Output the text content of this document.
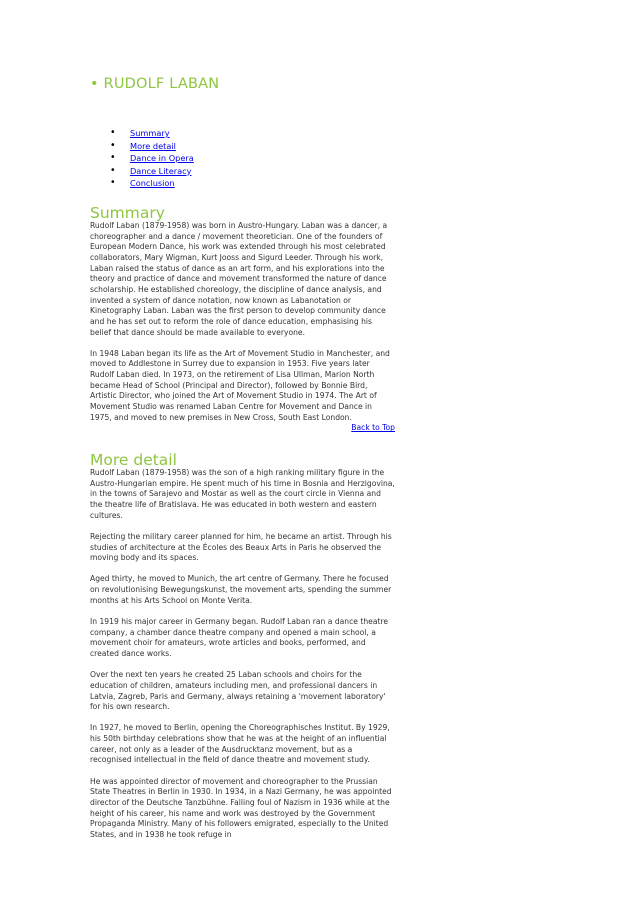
• RUDOLF LABAN
• Summary
• More detail
• Dance in Opera
• Dance Literacy
• Conclusion
Summary

Rudolf Laban (1879-1958) was born in Austro-Hungary. Laban was a dancer, a choreographer and a dance / movement theoretician. One of the founders of European Modern Dance, his work was extended through his most celebrated collaborators, Mary Wigman, Kurt Jooss and Sigurd Leeder. Through his work, Laban raised the status of dance as an art form, and his explorations into the theory and practice of dance and movement transformed the nature of dance scholarship. He established choreology, the discipline of dance analysis, and invented a system of dance notation, now known as Labanotation or Kinetography Laban. Laban was the first person to develop community dance and he has set out to reform the role of dance education, emphasising his belief that dance should be made available to everyone.

In 1948 Laban began its life as the Art of Movement Studio in Manchester, and moved to Addlestone in Surrey due to expansion in 1953. Five years later Rudolf Laban died. In 1973, on the retirement of Lisa Ullman, Marion North became Head of School (Principal and Director), followed by Bonnie Bird, Artistic Director, who joined the Art of Movement Studio in 1974. The Art of Movement Studio was renamed Laban Centre for Movement and Dance in 1975, and moved to new premises in New Cross, South East London.

Back to Top
More detail

Rudolf Laban (1879-1958) was the son of a high ranking military figure in the Austro-Hungarian empire. He spent much of his time in Bosnia and Herzigovina, in the towns of Sarajevo and Mostar as well as the court circle in Vienna and the theatre life of Bratislava. He was educated in both western and eastern cultures.

Rejecting the military career planned for him, he became an artist. Through his studies of architecture at the Écoles des Beaux Arts in Paris he observed the moving body and its spaces.

Aged thirty, he moved to Munich, the art centre of Germany. There he focused on revolutionising Bewegungskunst, the movement arts, spending the summer months at his Arts School on Monte Verita.

In 1919 his major career in Germany began. Rudolf Laban ran a dance theatre company, a chamber dance theatre company and opened a main school, a movement choir for amateurs, wrote articles and books, performed, and created dance works.

Over the next ten years he created 25 Laban schools and choirs for the education of children, amateurs including men, and professional dancers in Latvia, Zagreb, Paris and Germany, always retaining a 'movement laboratory' for his own research.

In 1927, he moved to Berlin, opening the Choreographisches Institut. By 1929, his 50th birthday celebrations show that he was at the height of an influential career, not only as a leader of the Ausdrucktanz movement, but as a recognised intellectual in the field of dance theatre and movement study.

He was appointed director of movement and choreographer to the Prussian State Theatres in Berlin in 1930. In 1934, in a Nazi Germany, he was appointed director of the Deutsche Tanzbühne. Falling foul of Nazism in 1936 while at the height of his career, his name and work was destroyed by the Government Propaganda Ministry. Many of his followers emigrated, especially to the United States, and in 1938 he took refuge in
